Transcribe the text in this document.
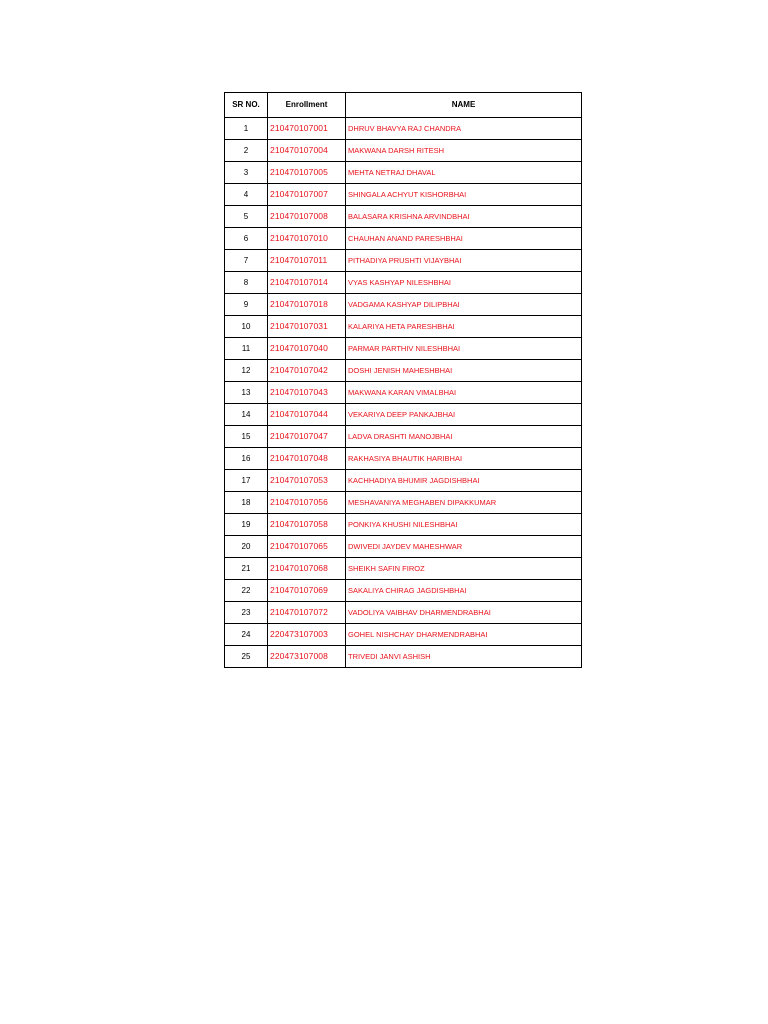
SR NO.	Enrollment	NAME
1	210470107001	DHRUV BHAVYA RAJ CHANDRA
2	210470107004	MAKWANA DARSH RITESH
3	210470107005	MEHTA NETRAJ DHAVAL
4	210470107007	SHINGALA ACHYUT KISHORBHAI
5	210470107008	BALASARA KRISHNA ARVINDBHAI
6	210470107010	CHAUHAN ANAND PARESHBHAI
7	210470107011	PITHADIYA PRUSHTI VIJAYBHAI
8	210470107014	VYAS KASHYAP NILESHBHAI
9	210470107018	VADGAMA KASHYAP DILIPBHAI
10	210470107031	KALARIYA HETA PARESHBHAI
11	210470107040	PARMAR PARTHIV NILESHBHAI
12	210470107042	DOSHI JENISH MAHESHBHAI
13	210470107043	MAKWANA KARAN VIMALBHAI
14	210470107044	VEKARIYA DEEP PANKAJBHAI
15	210470107047	LADVA DRASHTI MANOJBHAI
16	210470107048	RAKHASIYA BHAUTIK HARIBHAI
17	210470107053	KACHHADIYA BHUMIR JAGDISHBHAI
18	210470107056	MESHAVANIYA MEGHABEN DIPAKKUMAR
19	210470107058	PONKIYA KHUSHI NILESHBHAI
20	210470107065	DWIVEDI JAYDEV MAHESHWAR
21	210470107068	SHEIKH SAFIN FIROZ
22	210470107069	SAKALIYA CHIRAG JAGDISHBHAI
23	210470107072	VADOLIYA VAIBHAV DHARMENDRABHAI
24	220473107003	GOHEL NISHCHAY DHARMENDRABHAI
25	220473107008	TRIVEDI JANVI ASHISH
